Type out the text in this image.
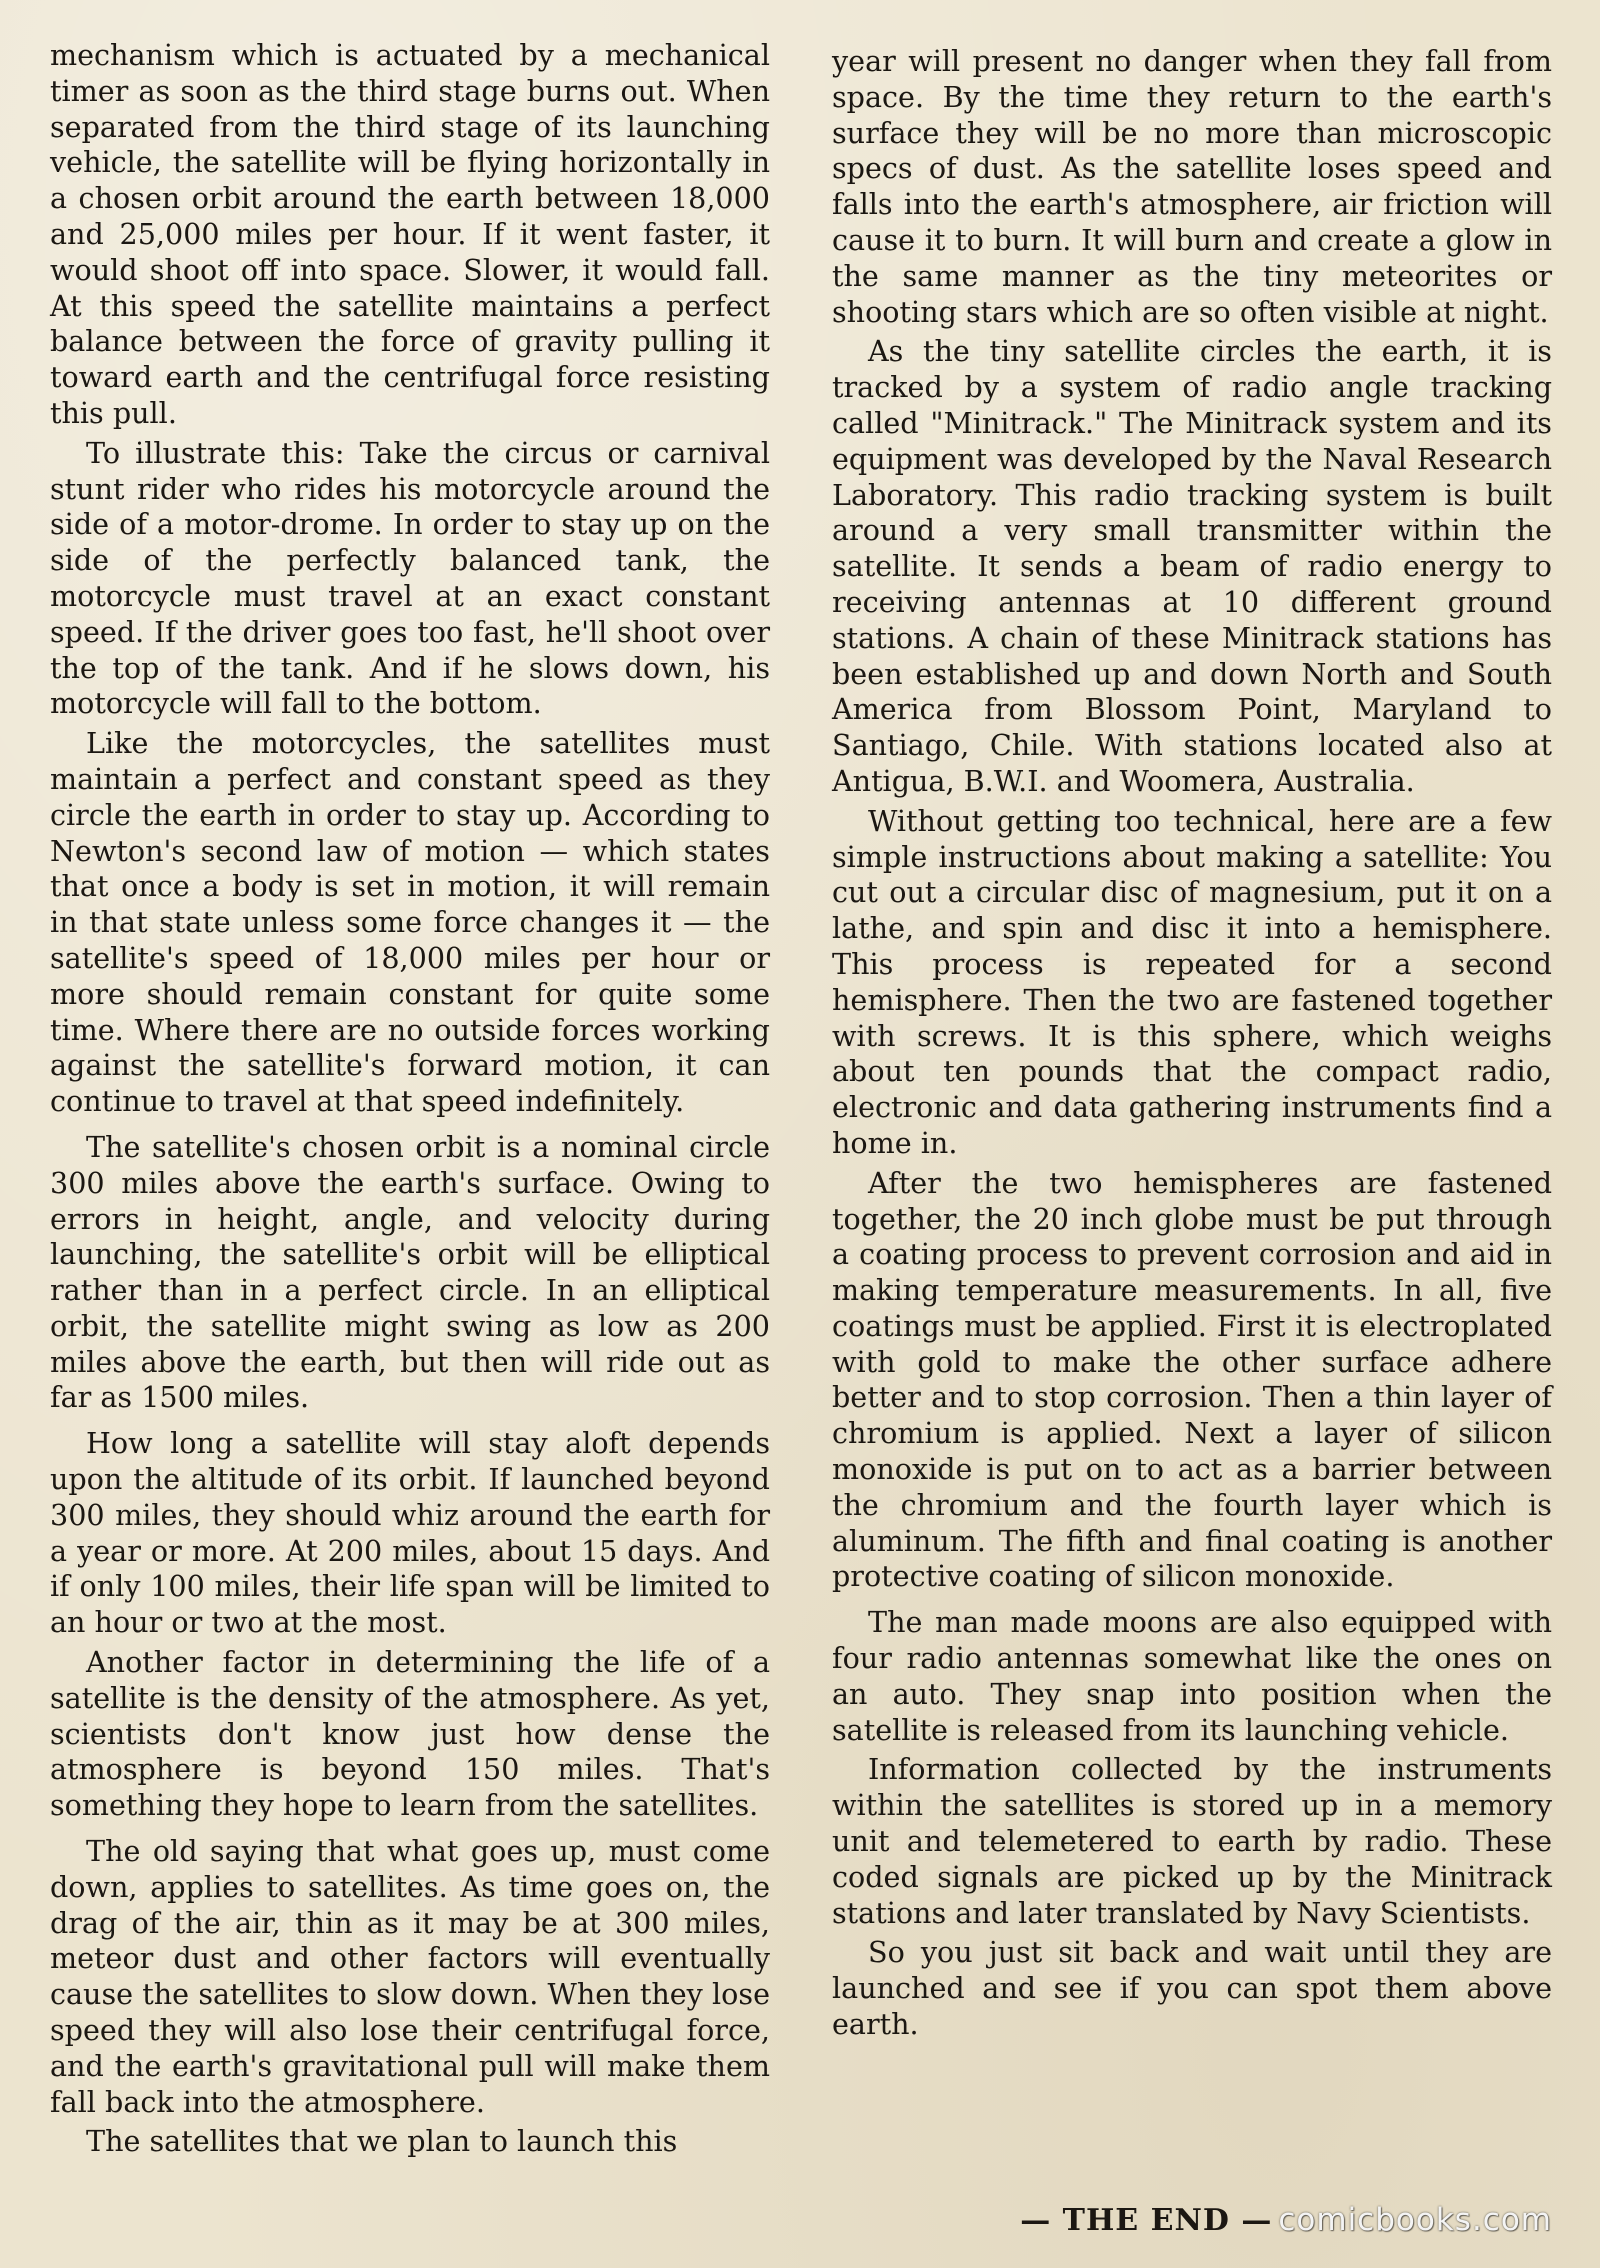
mechanism which is actuated by a mechanical timer as soon as the third stage burns out. When separated from the third stage of its launching vehicle, the satellite will be flying horizontally in a chosen orbit around the earth between 18,000 and 25,000 miles per hour. If it went faster, it would shoot off into space. Slower, it would fall. At this speed the satellite maintains a perfect balance between the force of gravity pulling it toward earth and the centrifugal force resisting this pull.

To illustrate this: Take the circus or carnival stunt rider who rides his motorcycle around the side of a motor-drome. In order to stay up on the side of the perfectly balanced tank, the motorcycle must travel at an exact constant speed. If the driver goes too fast, he'll shoot over the top of the tank. And if he slows down, his motorcycle will fall to the bottom.

Like the motorcycles, the satellites must maintain a perfect and constant speed as they circle the earth in order to stay up. According to Newton's second law of motion — which states that once a body is set in motion, it will remain in that state unless some force changes it — the satellite's speed of 18,000 miles per hour or more should remain constant for quite some time. Where there are no outside forces working against the satellite's forward motion, it can continue to travel at that speed indefinitely.

The satellite's chosen orbit is a nominal circle 300 miles above the earth's surface. Owing to errors in height, angle, and velocity during launching, the satellite's orbit will be elliptical rather than in a perfect circle. In an elliptical orbit, the satellite might swing as low as 200 miles above the earth, but then will ride out as far as 1500 miles.

How long a satellite will stay aloft depends upon the altitude of its orbit. If launched beyond 300 miles, they should whiz around the earth for a year or more. At 200 miles, about 15 days. And if only 100 miles, their life span will be limited to an hour or two at the most.

Another factor in determining the life of a satellite is the density of the atmosphere. As yet, scientists don't know just how dense the atmosphere is beyond 150 miles. That's something they hope to learn from the satellites.

The old saying that what goes up, must come down, applies to satellites. As time goes on, the drag of the air, thin as it may be at 300 miles, meteor dust and other factors will eventually cause the satellites to slow down. When they lose speed they will also lose their centrifugal force, and the earth's gravitational pull will make them fall back into the atmosphere.

The satellites that we plan to launch this

year will present no danger when they fall from space. By the time they return to the earth's surface they will be no more than microscopic specs of dust. As the satellite loses speed and falls into the earth's atmosphere, air friction will cause it to burn. It will burn and create a glow in the same manner as the tiny meteorites or shooting stars which are so often visible at night.

As the tiny satellite circles the earth, it is tracked by a system of radio angle tracking called "Minitrack." The Minitrack system and its equipment was developed by the Naval Research Laboratory. This radio tracking system is built around a very small transmitter within the satellite. It sends a beam of radio energy to receiving antennas at 10 different ground stations. A chain of these Minitrack stations has been established up and down North and South America from Blossom Point, Maryland to Santiago, Chile. With stations located also at Antigua, B.W.I. and Woomera, Australia.

Without getting too technical, here are a few simple instructions about making a satellite: You cut out a circular disc of magnesium, put it on a lathe, and spin and disc it into a hemisphere. This process is repeated for a second hemisphere. Then the two are fastened together with screws. It is this sphere, which weighs about ten pounds that the compact radio, electronic and data gathering instruments find a home in.

After the two hemispheres are fastened together, the 20 inch globe must be put through a coating process to prevent corrosion and aid in making temperature measurements. In all, five coatings must be applied. First it is electroplated with gold to make the other surface adhere better and to stop corrosion. Then a thin layer of chromium is applied. Next a layer of silicon monoxide is put on to act as a barrier between the chromium and the fourth layer which is aluminum. The fifth and final coating is another protective coating of silicon monoxide.

The man made moons are also equipped with four radio antennas somewhat like the ones on an auto. They snap into position when the satellite is released from its launching vehicle.

Information collected by the instruments within the satellites is stored up in a memory unit and telemetered to earth by radio. These coded signals are picked up by the Minitrack stations and later translated by Navy Scientists.

So you just sit back and wait until they are launched and see if you can spot them above earth.

— THE END — comicbooks.com
